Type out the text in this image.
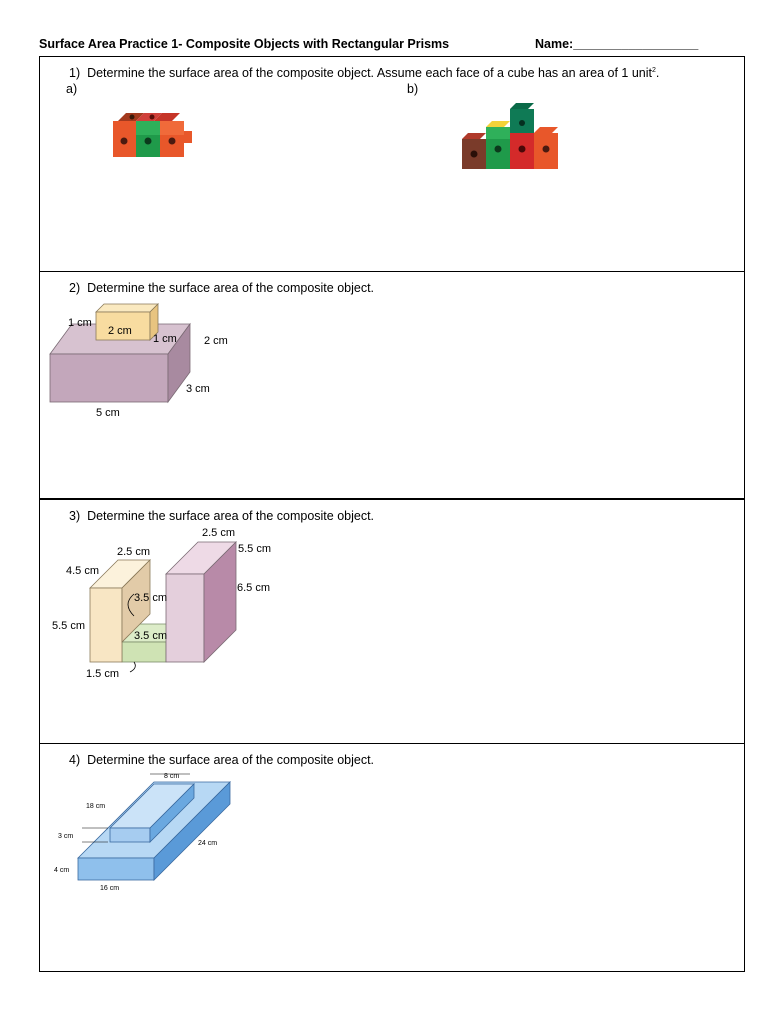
Surface Area Practice 1- Composite Objects with Rectangular Prisms	Name:__________________
1) Determine the surface area of the composite object. Assume each face of a cube has an area of 1 unit$^2$.
a)	b)
2) Determine the surface area of the composite object.
1 cm
2 cm
1 cm 2 cm
3 cm
5 cm
3) Determine the surface area of the composite object.
2.5 cm
5.5 cm
6.5 cm
2.5 cm
4.5 cm
5.5 cm
3.5 cm
3.5 cm
1.5 cm
4) Determine the surface area of the composite object.
8 cm
18 cm
3 cm
24 cm
4 cm
16 cm
